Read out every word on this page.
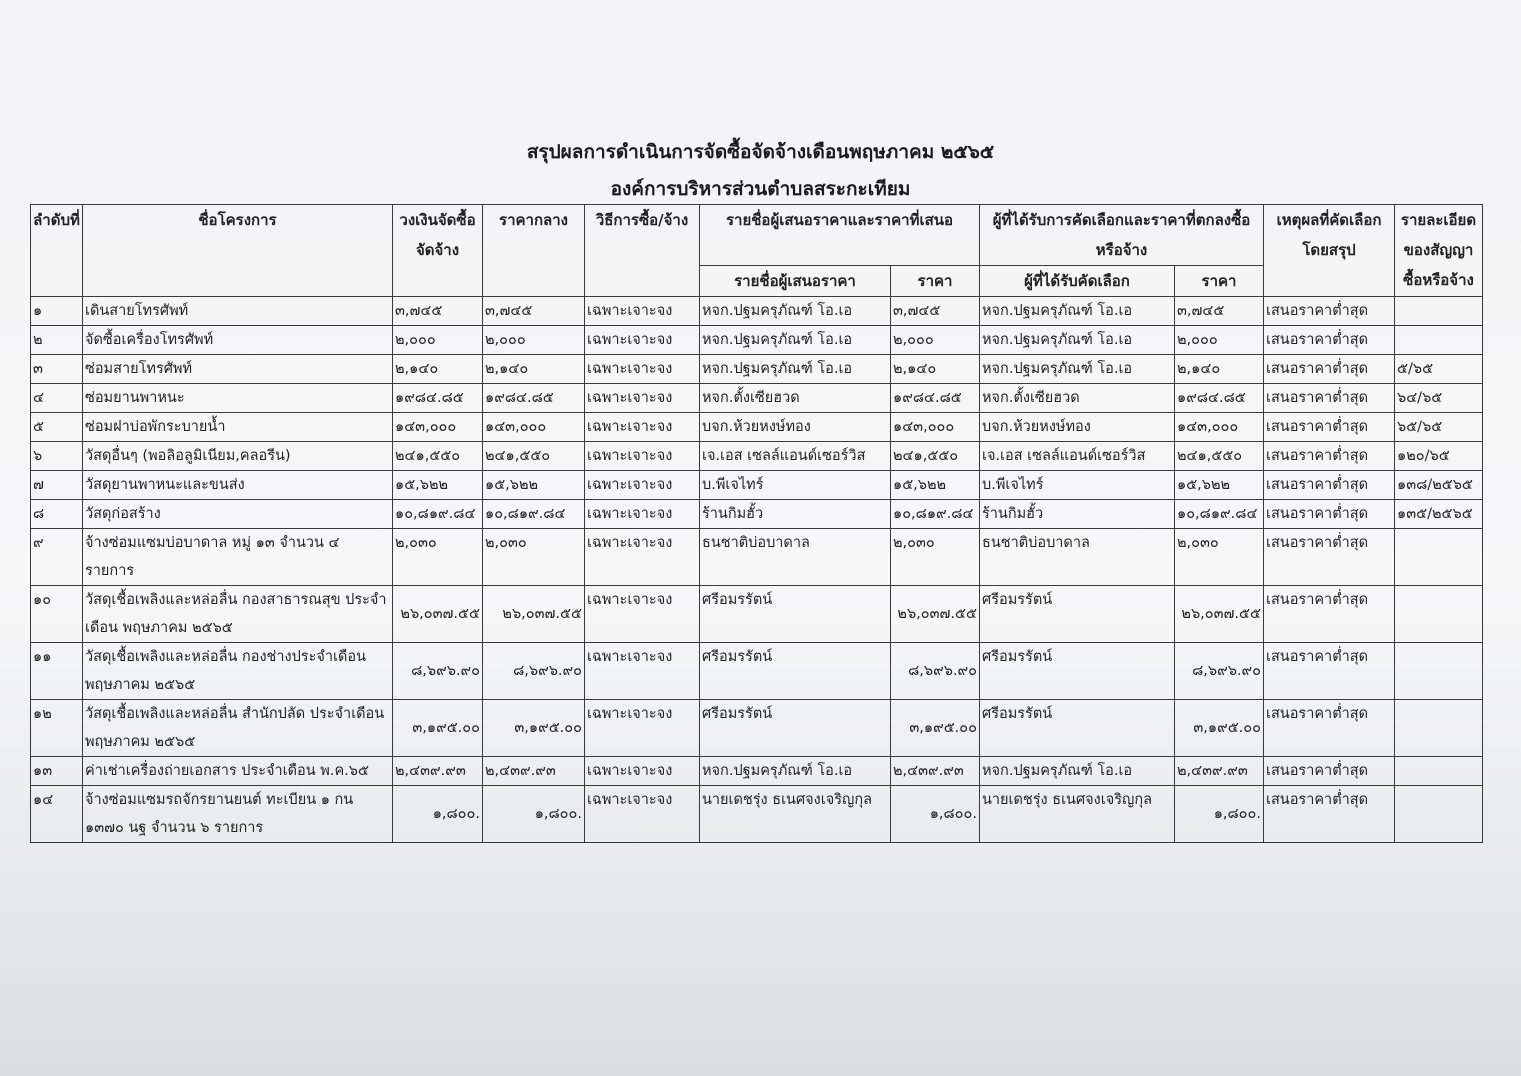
สรุปผลการดำเนินการจัดซื้อจัดจ้างเดือนพฤษภาคม ๒๕๖๕
องค์การบริหารส่วนตำบลสระกะเทียม
ลำดับที่	ชื่อโครงการ	วงเงินจัดซื้อจัดจ้าง	ราคากลาง	วิธีการซื้อ/จ้าง	รายชื่อผู้เสนอราคาและราคาที่เสนอ		ผู้ที่ได้รับการคัดเลือกและราคาที่ตกลงซื้อหรือจ้าง		เหตุผลที่คัดเลือกโดยสรุป	รายละเอียดของสัญญาซื้อหรือจ้าง
					รายชื่อผู้เสนอราคา	ราคา	ผู้ที่ได้รับคัดเลือก	ราคา		
๑	เดินสายโทรศัพท์	๓,๗๔๕	๓,๗๔๕	เฉพาะเจาะจง	หจก.ปฐมครุภัณฑ์ โอ.เอ	๓,๗๔๕	หจก.ปฐมครุภัณฑ์ โอ.เอ	๓,๗๔๕	เสนอราคาต่ำสุด	
๒	จัดซื้อเครื่องโทรศัพท์	๒,๐๐๐	๒,๐๐๐	เฉพาะเจาะจง	หจก.ปฐมครุภัณฑ์ โอ.เอ	๒,๐๐๐	หจก.ปฐมครุภัณฑ์ โอ.เอ	๒,๐๐๐	เสนอราคาต่ำสุด	
๓	ซ่อมสายโทรศัพท์	๒,๑๔๐	๒,๑๔๐	เฉพาะเจาะจง	หจก.ปฐมครุภัณฑ์ โอ.เอ	๒,๑๔๐	หจก.ปฐมครุภัณฑ์ โอ.เอ	๒,๑๔๐	เสนอราคาต่ำสุด	๕/๖๕
๔	ซ่อมยานพาหนะ	๑๙๘๔.๘๕	๑๙๘๔.๘๕	เฉพาะเจาะจง	หจก.ตั้งเซียฮวด	๑๙๘๔.๘๕	หจก.ตั้งเซียฮวด	๑๙๘๔.๘๕	เสนอราคาต่ำสุด	๖๔/๖๕
๕	ซ่อมฝาบ่อพักระบายน้ำ	๑๔๓,๐๐๐	๑๔๓,๐๐๐	เฉพาะเจาะจง	บจก.ห้วยหงษ์ทอง	๑๔๓,๐๐๐	บจก.ห้วยหงษ์ทอง	๑๔๓,๐๐๐	เสนอราคาต่ำสุด	๖๕/๖๕
๖	วัสดุอื่นๆ (พอลิอลูมิเนียม,คลอรีน)	๒๔๑,๕๕๐	๒๔๑,๕๕๐	เฉพาะเจาะจง	เจ.เอส เซลล์แอนด์เซอร์วิส	๒๔๑,๕๕๐	เจ.เอส เซลล์แอนด์เซอร์วิส	๒๔๑,๕๕๐	เสนอราคาต่ำสุด	๑๒๐/๖๕
๗	วัสดุยานพาหนะและขนส่ง	๑๕,๖๒๒	๑๕,๖๒๒	เฉพาะเจาะจง	บ.พีเจไทร์	๑๕,๖๒๒	บ.พีเจไทร์	๑๕,๖๒๒	เสนอราคาต่ำสุด	๑๓๘/๒๕๖๕
๘	วัสดุก่อสร้าง	๑๐,๘๑๙.๘๔	๑๐,๘๑๙.๘๔	เฉพาะเจาะจง	ร้านกิมฮั้ว	๑๐,๘๑๙.๘๔	ร้านกิมฮั้ว	๑๐,๘๑๙.๘๔	เสนอราคาต่ำสุด	๑๓๕/๒๕๖๕
๙	จ้างซ่อมแซมบ่อบาดาล หมู่ ๑๓ จำนวน ๔ รายการ	๒,๐๓๐	๒,๐๓๐	เฉพาะเจาะจง	ธนชาติบ่อบาดาล	๒,๐๓๐	ธนชาติบ่อบาดาล	๒,๐๓๐	เสนอราคาต่ำสุด	
๑๐	วัสดุเชื้อเพลิงและหล่อลื่น กองสาธารณสุข ประจำเดือน พฤษภาคม ๒๕๖๕	๒๖,๐๓๗.๕๕	๒๖,๐๓๗.๕๕	เฉพาะเจาะจง	ศรีอมรรัตน์	๒๖,๐๓๗.๕๕	ศรีอมรรัตน์	๒๖,๐๓๗.๕๕	เสนอราคาต่ำสุด	
๑๑	วัสดุเชื้อเพลิงและหล่อลื่น กองช่างประจำเดือน พฤษภาคม ๒๕๖๕	๘,๖๙๖.๙๐	๘,๖๙๖.๙๐	เฉพาะเจาะจง	ศรีอมรรัตน์	๘,๖๙๖.๙๐	ศรีอมรรัตน์	๘,๖๙๖.๙๐	เสนอราคาต่ำสุด	
๑๒	วัสดุเชื้อเพลิงและหล่อลื่น สำนักปลัด ประจำเดือน พฤษภาคม ๒๕๖๕	๓,๑๙๕.๐๐	๓,๑๙๕.๐๐	เฉพาะเจาะจง	ศรีอมรรัตน์	๓,๑๙๕.๐๐	ศรีอมรรัตน์	๓,๑๙๕.๐๐	เสนอราคาต่ำสุด	
๑๓	ค่าเช่าเครื่องถ่ายเอกสาร ประจำเดือน พ.ค.๖๕	๒,๔๓๙.๙๓	๒,๔๓๙.๙๓	เฉพาะเจาะจง	หจก.ปฐมครุภัณฑ์ โอ.เอ	๒,๔๓๙.๙๓	หจก.ปฐมครุภัณฑ์ โอ.เอ	๒,๔๓๙.๙๓	เสนอราคาต่ำสุด	
๑๔	จ้างซ่อมแซมรถจักรยานยนต์ ทะเบียน ๑ กน ๑๓๗๐ นฐ จำนวน ๖ รายการ	๑,๘๐๐.	๑,๘๐๐.	เฉพาะเจาะจง	นายเดชรุ่ง ธเนศจงเจริญกุล	๑,๘๐๐.	นายเดชรุ่ง ธเนศจงเจริญกุล	๑,๘๐๐.	เสนอราคาต่ำสุด	
